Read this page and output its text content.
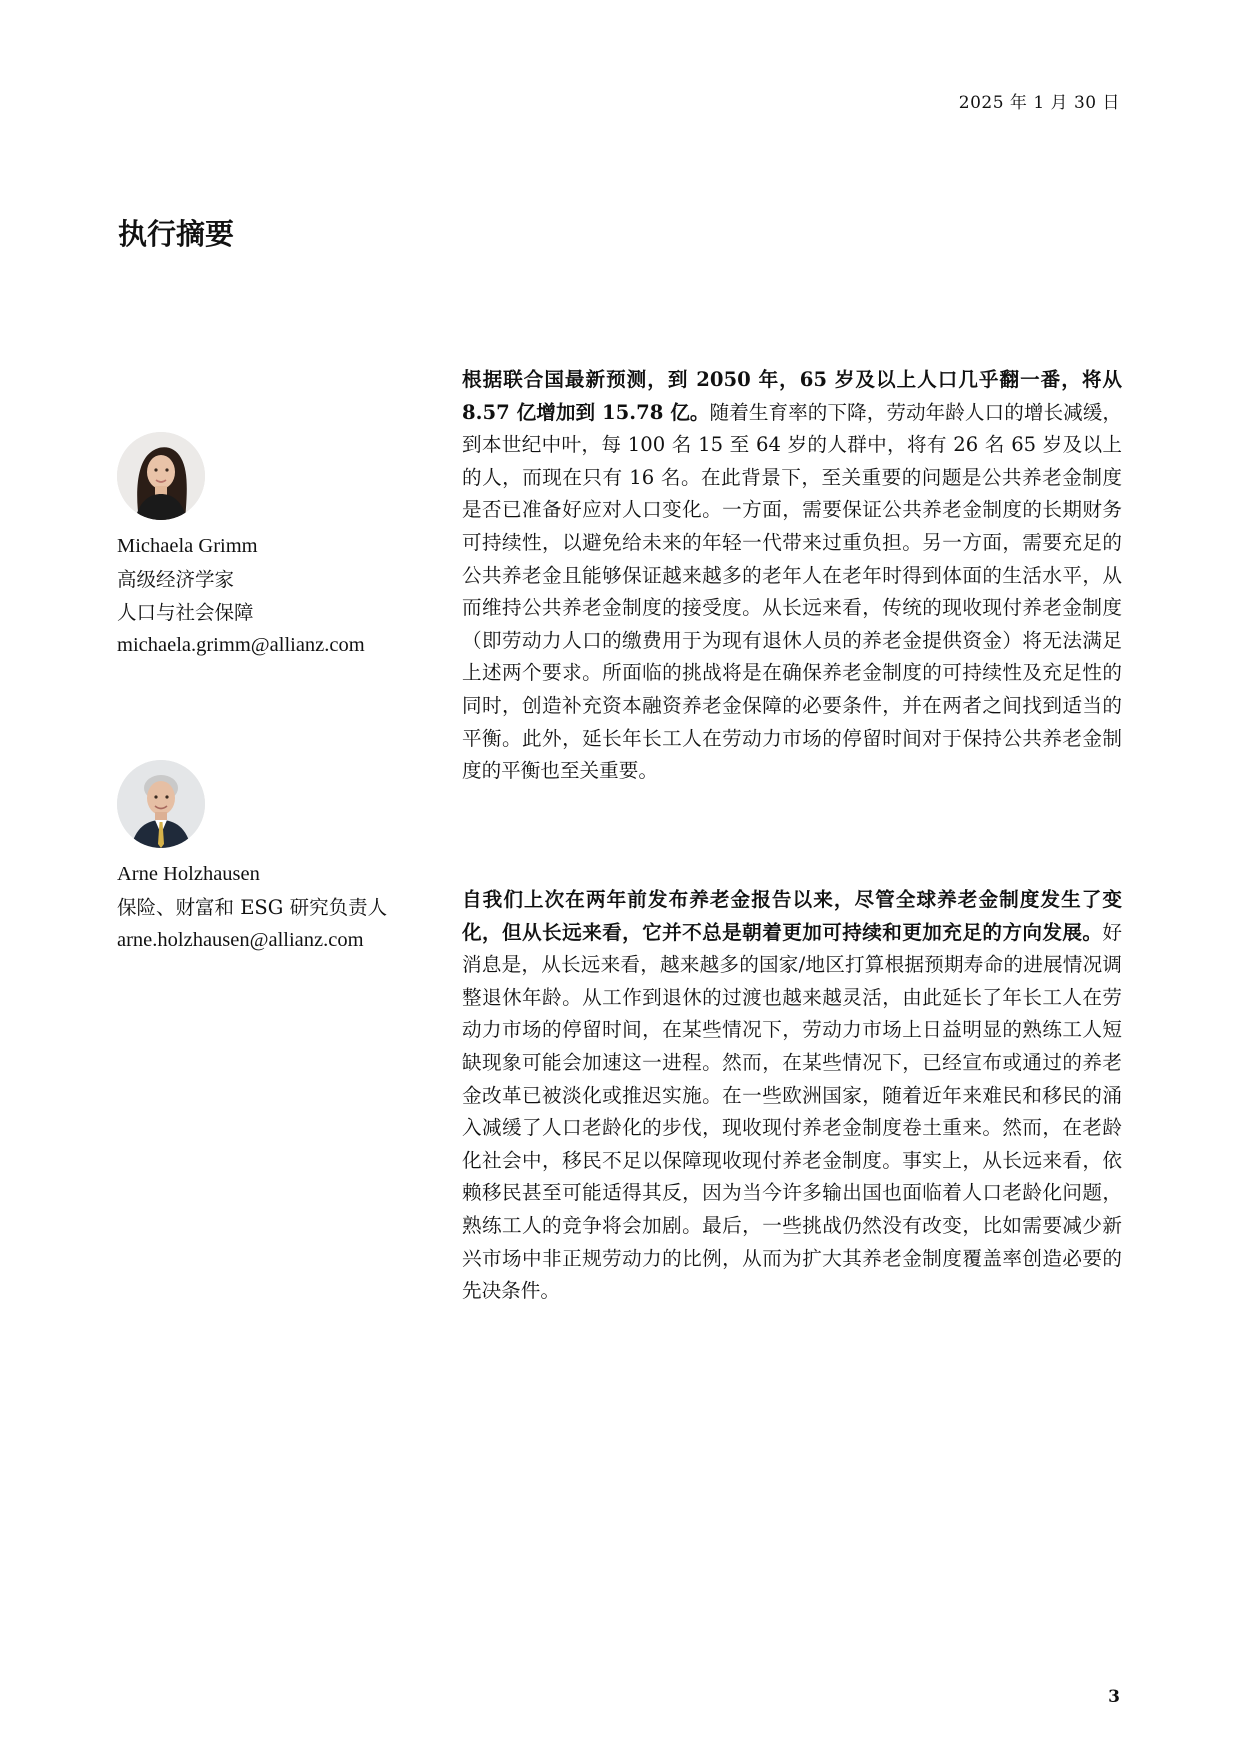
2025 年 1 月 30 日
执行摘要
Michaela Grimm
高级经济学家
人口与社会保障
michaela.grimm@allianz.com
Arne Holzhausen
保险、财富和 ESG 研究负责人
arne.holzhausen@allianz.com

根据联合国最新预测，到 2050 年，65 岁及以上人口几乎翻一番，将从 8.57 亿增加到 15.78 亿。随着生育率的下降，劳动年龄人口的增长减缓，到本世纪中叶，每 100 名 15 至 64 岁的人群中，将有 26 名 65 岁及以上的人，而现在只有 16 名。在此背景下，至关重要的问题是公共养老金制度是否已准备好应对人口变化。一方面，需要保证公共养老金制度的长期财务可持续性，以避免给未来的年轻一代带来过重负担。另一方面，需要充足的公共养老金且能够保证越来越多的老年人在老年时得到体面的生活水平，从而维持公共养老金制度的接受度。从长远来看，传统的现收现付养老金制度（即劳动力人口的缴费用于为现有退休人员的养老金提供资金）将无法满足上述两个要求。所面临的挑战将是在确保养老金制度的可持续性及充足性的同时，创造补充资本融资养老金保障的必要条件，并在两者之间找到适当的平衡。此外，延长年长工人在劳动力市场的停留时间对于保持公共养老金制度的平衡也至关重要。

自我们上次在两年前发布养老金报告以来，尽管全球养老金制度发生了变化，但从长远来看，它并不总是朝着更加可持续和更加充足的方向发展。好消息是，从长远来看，越来越多的国家/地区打算根据预期寿命的进展情况调整退休年龄。从工作到退休的过渡也越来越灵活，由此延长了年长工人在劳动力市场的停留时间，在某些情况下，劳动力市场上日益明显的熟练工人短缺现象可能会加速这一进程。然而，在某些情况下，已经宣布或通过的养老金改革已被淡化或推迟实施。在一些欧洲国家，随着近年来难民和移民的涌入减缓了人口老龄化的步伐，现收现付养老金制度卷土重来。然而，在老龄化社会中，移民不足以保障现收现付养老金制度。事实上，从长远来看，依赖移民甚至可能适得其反，因为当今许多输出国也面临着人口老龄化问题，熟练工人的竞争将会加剧。最后，一些挑战仍然没有改变，比如需要减少新兴市场中非正规劳动力的比例，从而为扩大其养老金制度覆盖率创造必要的先决条件。

3
